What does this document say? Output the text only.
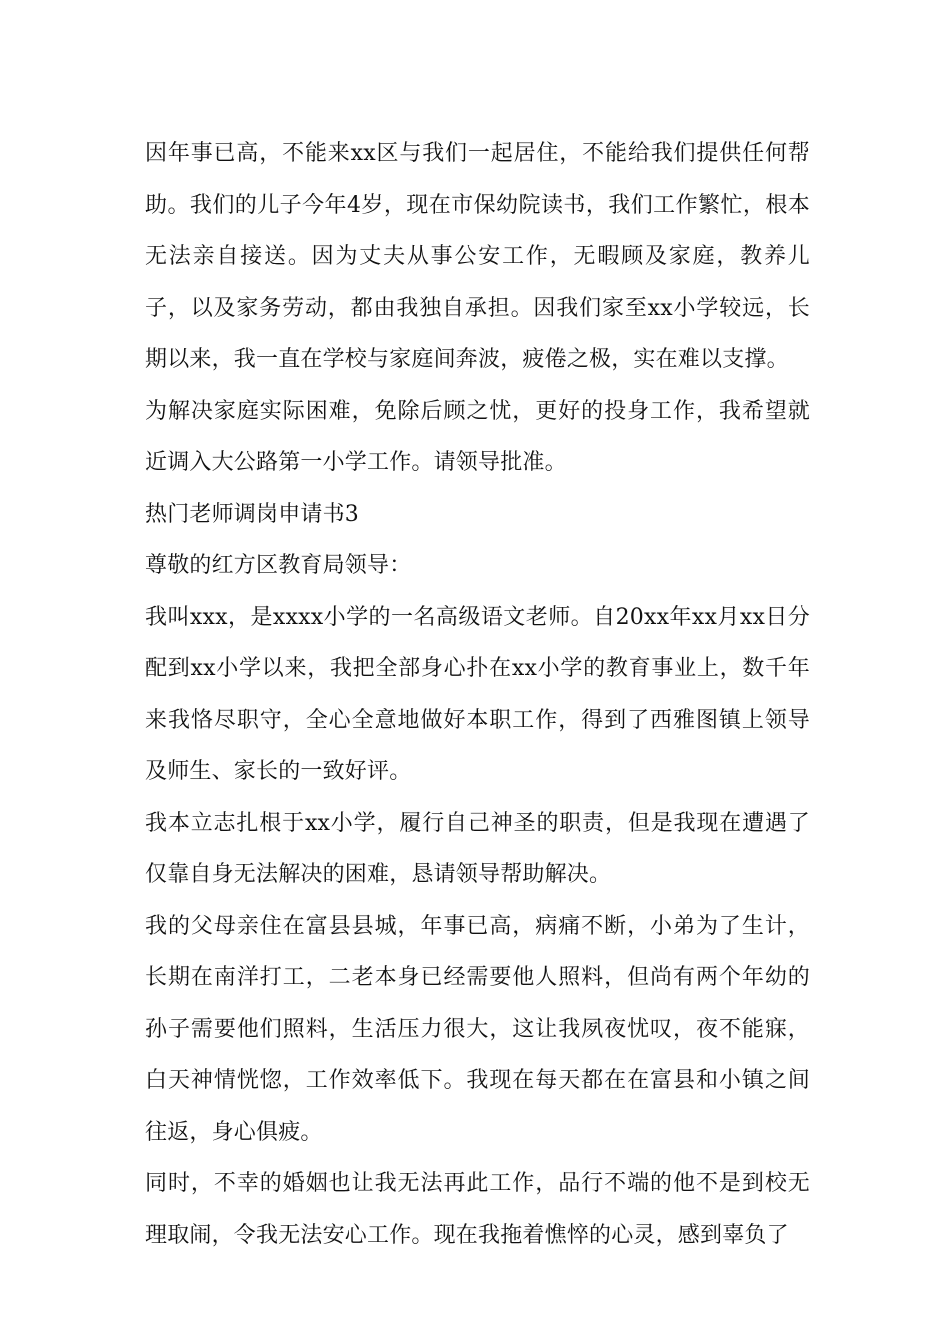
因年事已高，不能来xx区与我们一起居住，不能给我们提供任何帮助。我们的儿子今年4岁，现在市保幼院读书，我们工作繁忙，根本无法亲自接送。因为丈夫从事公安工作，无暇顾及家庭，教养儿子，以及家务劳动，都由我独自承担。因我们家至xx小学较远，长期以来，我一直在学校与家庭间奔波，疲倦之极，实在难以支撑。

为解决家庭实际困难，免除后顾之忧，更好的投身工作，我希望就近调入大公路第一小学工作。请领导批准。

热门老师调岗申请书3

尊敬的红方区教育局领导：

我叫xxx，是xxxx小学的一名高级语文老师。自20xx年xx月xx日分配到xx小学以来，我把全部身心扑在xx小学的教育事业上，数千年来我恪尽职守，全心全意地做好本职工作，得到了西雅图镇上领导及师生、家长的一致好评。

我本立志扎根于xx小学，履行自己神圣的职责，但是我现在遭遇了仅靠自身无法解决的困难，恳请领导帮助解决。

我的父母亲住在富县县城，年事已高，病痛不断，小弟为了生计，长期在南洋打工，二老本身已经需要他人照料，但尚有两个年幼的孙子需要他们照料，生活压力很大，这让我夙夜忧叹，夜不能寐，白天神情恍惚，工作效率低下。我现在每天都在在富县和小镇之间往返，身心俱疲。

同时，不幸的婚姻也让我无法再此工作，品行不端的他不是到校无理取闹，令我无法安心工作。现在我拖着憔悴的心灵，感到辜负了
